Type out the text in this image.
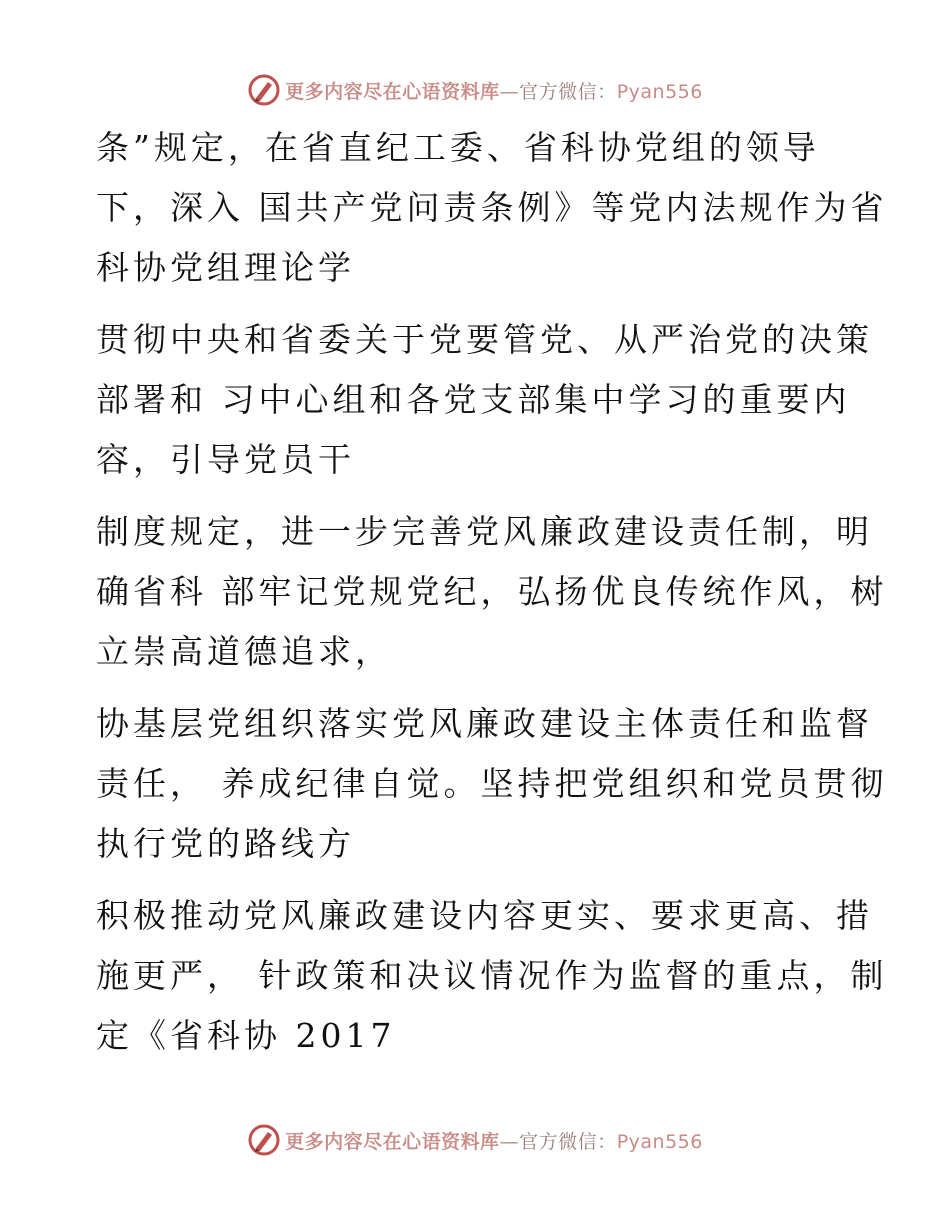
更多内容尽在心语资料库—官方微信：Pyan556

条”规定，在省直纪工委、省科协党组的领导
下，深入 国共产党问责条例》等党内法规作为省
科协党组理论学

贯彻中央和省委关于党要管党、从严治党的决策
部署和 习中心组和各党支部集中学习的重要内
容，引导党员干

制度规定，进一步完善党风廉政建设责任制，明
确省科 部牢记党规党纪，弘扬优良传统作风，树
立崇高道德追求，

协基层党组织落实党风廉政建设主体责任和监督
责任， 养成纪律自觉。坚持把党组织和党员贯彻
执行党的路线方

积极推动党风廉政建设内容更实、要求更高、措
施更严， 针政策和决议情况作为监督的重点，制
定《省科协 2017

更多内容尽在心语资料库—官方微信：Pyan556
